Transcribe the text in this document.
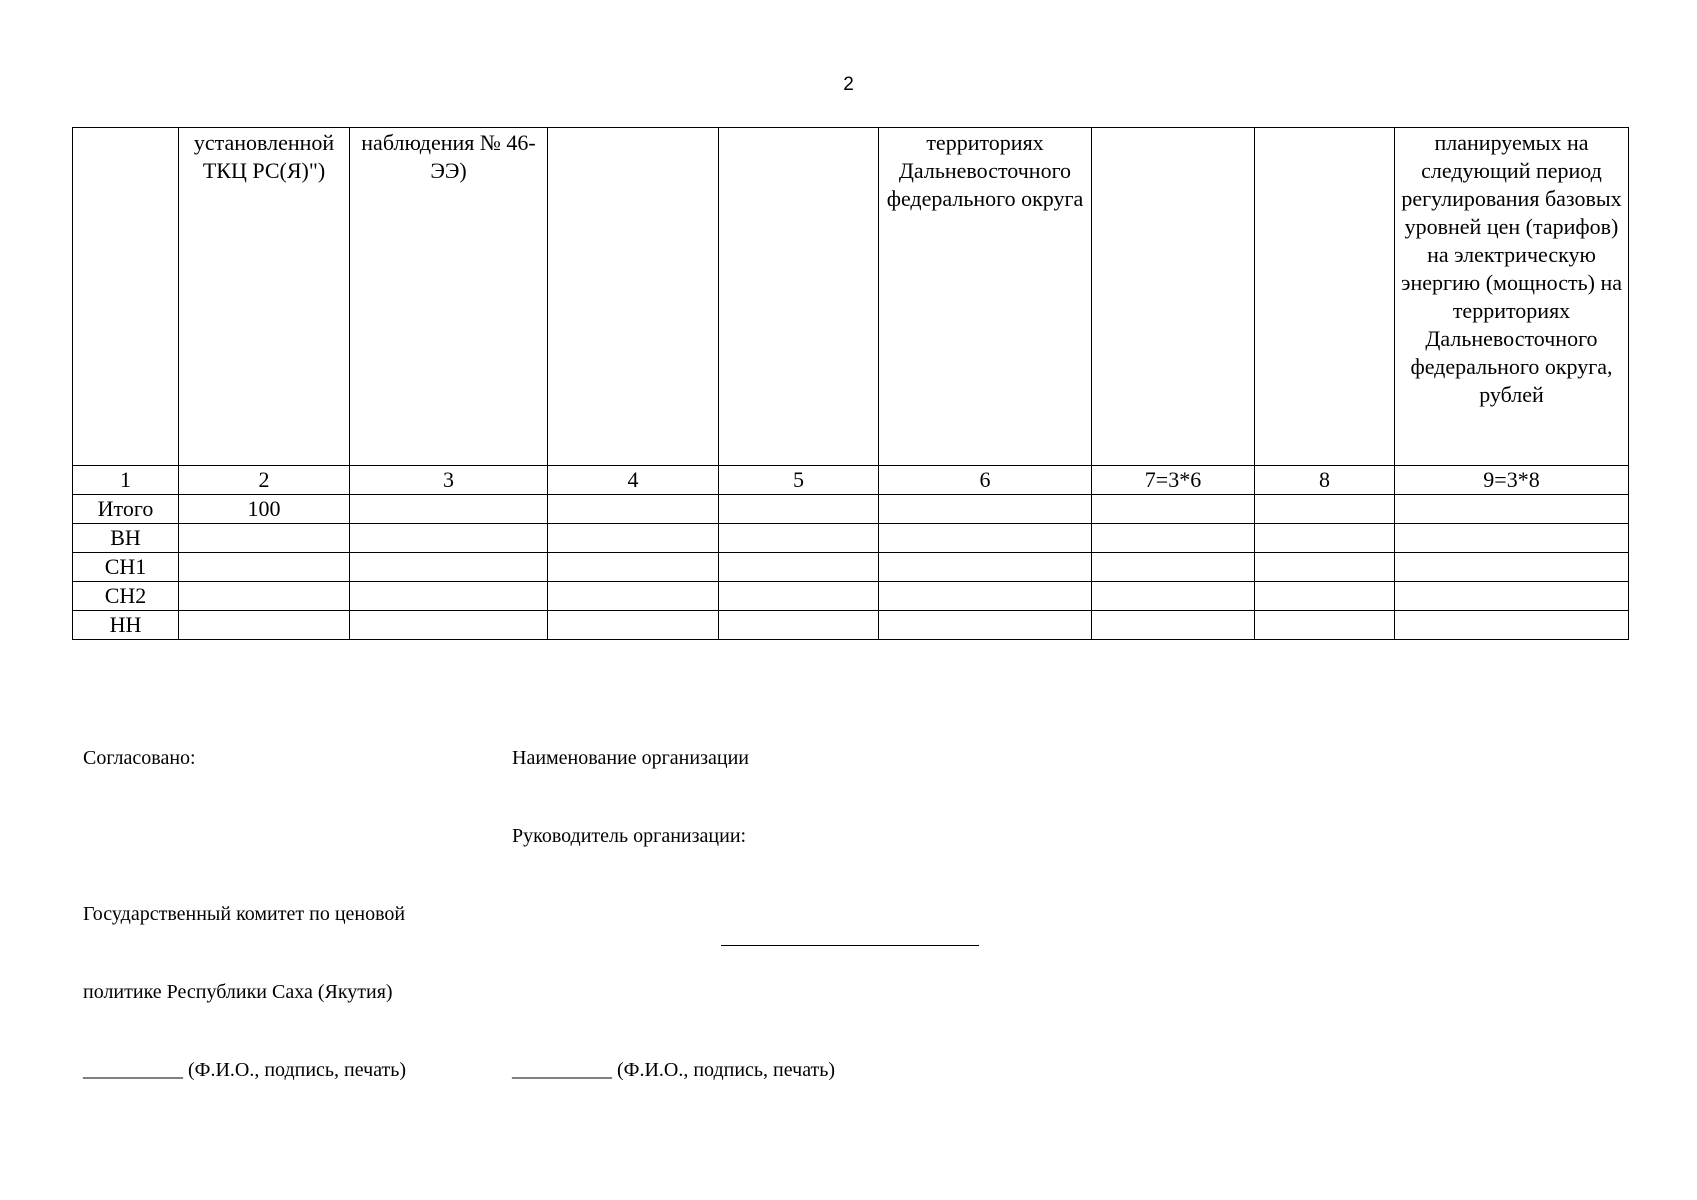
2
	установленной ТКЦ РС(Я)")	наблюдения № 46-ЭЭ)			территориях Дальневосточного федерального округа			планируемых на следующий период регулирования базовых уровней цен (тарифов) на электрическую энергию (мощность) на территориях Дальневосточного федерального округа, рублей
1	2	3	4	5	6	7=3*6	8	9=3*8
Итого	100							
ВН								
СН1								
СН2								
НН								

Согласовано:

Государственный комитет по ценовой

политике Республики Саха (Якутия)

__________ (Ф.И.О., подпись, печать)

Наименование организации

Руководитель организации:

__________ (Ф.И.О., подпись, печать)
